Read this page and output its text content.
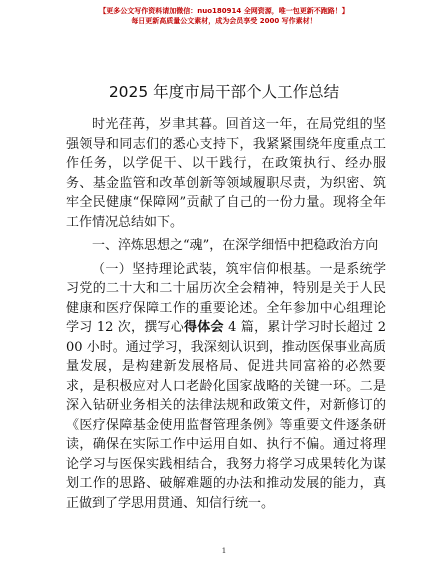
【更多公文写作资料请加微信：nuo180914 全网资源，唯一包更新不跑路！】
每日更新高质量公文素材，成为会员享受 2000 写作素材！
2025 年度市局干部个人工作总结

时光荏苒，岁聿其暮。回首这一年，在局党组的坚强领导和同志们的悉心支持下，我紧紧围绕年度重点工作任务，以学促干、以干践行，在政策执行、经办服务、基金监管和改革创新等领域履职尽责，为织密、筑牢全民健康“保障网”贡献了自己的一份力量。现将全年工作情况总结如下。

一、淬炼思想之“魂”，在深学细悟中把稳政治方向

（一）坚持理论武装，筑牢信仰根基。一是系统学习党的二十大和二十届历次全会精神，特别是关于人民健康和医疗保障工作的重要论述。全年参加中心组理论学习 12 次，撰写心得体会 4 篇，累计学习时长超过 200 小时。通过学习，我深刻认识到，推动医保事业高质量发展，是构建新发展格局、促进共同富裕的必然要求，是积极应对人口老龄化国家战略的关键一环。二是深入钻研业务相关的法律法规和政策文件，对新修订的《医疗保障基金使用监督管理条例》等重要文件逐条研读，确保在实际工作中运用自如、执行不偏。通过将理论学习与医保实践相结合，我努力将学习成果转化为谋划工作的思路、破解难题的办法和推动发展的能力，真正做到了学思用贯通、知信行统一。

1
